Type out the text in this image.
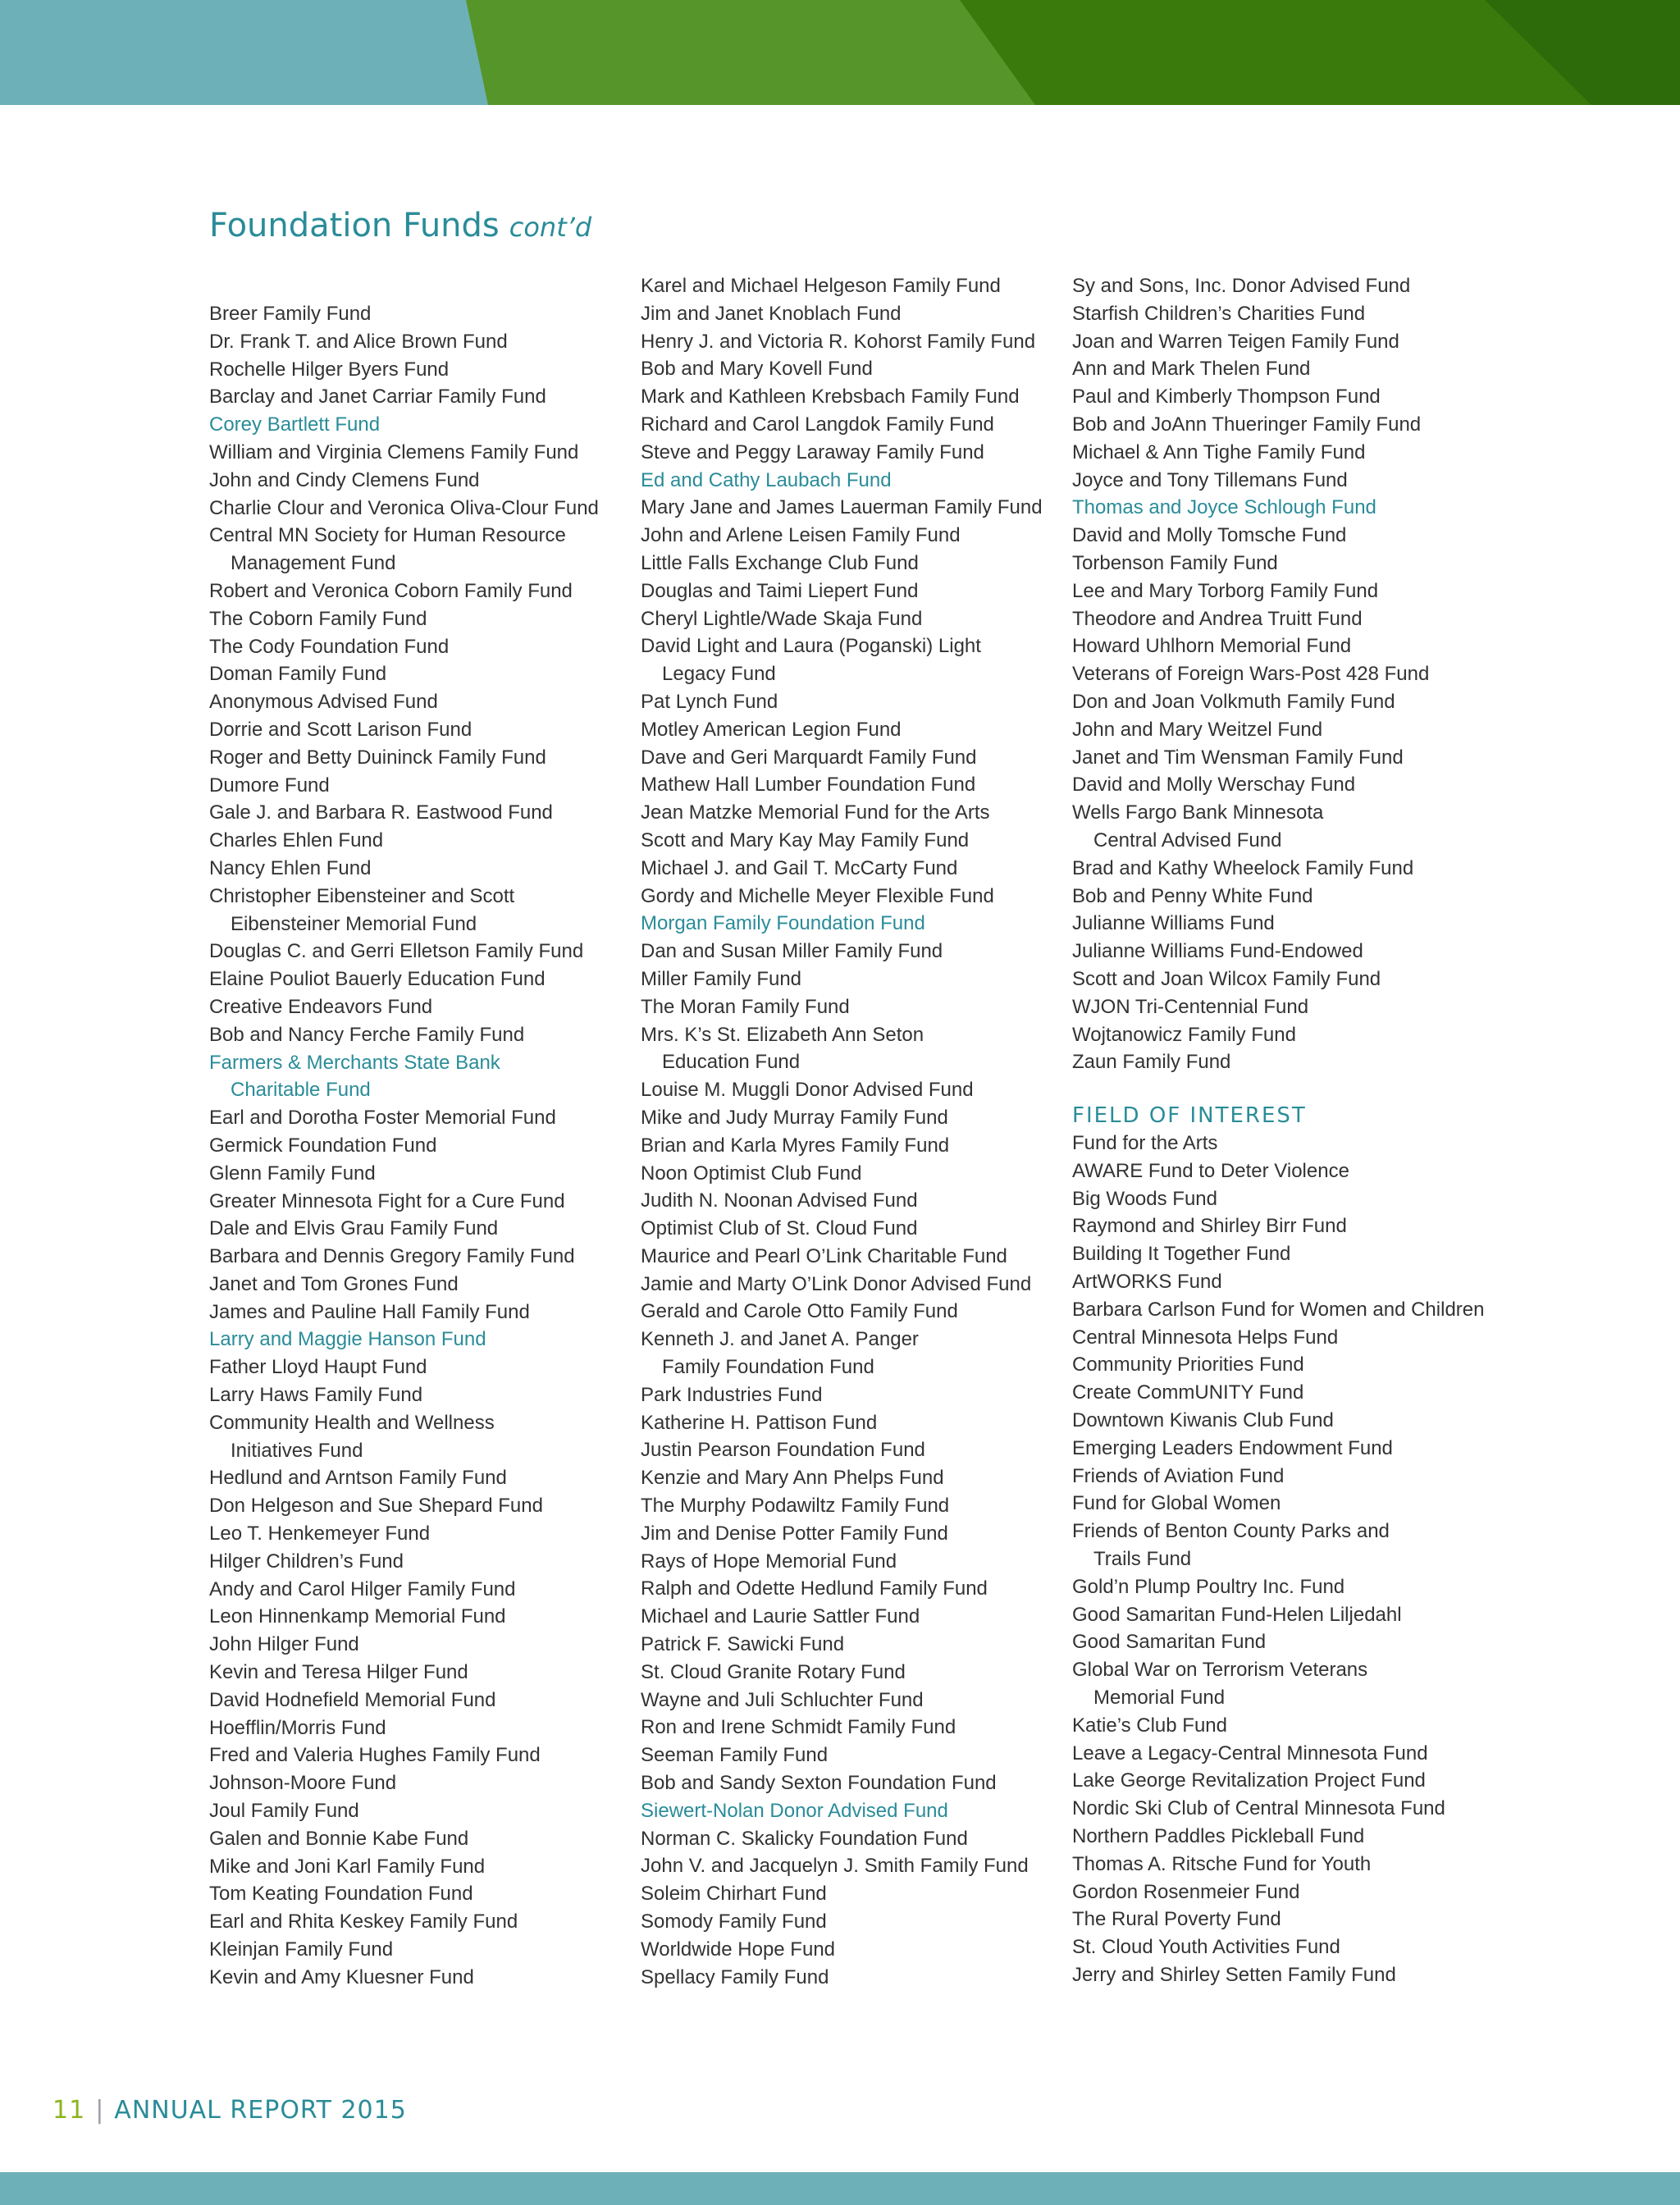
Foundation Funds cont’d
Breer Family Fund
Dr. Frank T. and Alice Brown Fund
Rochelle Hilger Byers Fund
Barclay and Janet Carriar Family Fund
Corey Bartlett Fund
William and Virginia Clemens Family Fund
John and Cindy Clemens Fund
Charlie Clour and Veronica Oliva-Clour Fund
Central MN Society for Human Resource
Management Fund
Robert and Veronica Coborn Family Fund
The Coborn Family Fund
The Cody Foundation Fund
Doman Family Fund
Anonymous Advised Fund
Dorrie and Scott Larison Fund
Roger and Betty Duininck Family Fund
Dumore Fund
Gale J. and Barbara R. Eastwood Fund
Charles Ehlen Fund
Nancy Ehlen Fund
Christopher Eibensteiner and Scott
Eibensteiner Memorial Fund
Douglas C. and Gerri Elletson Family Fund
Elaine Pouliot Bauerly Education Fund
Creative Endeavors Fund
Bob and Nancy Ferche Family Fund
Farmers & Merchants State Bank
Charitable Fund
Earl and Dorotha Foster Memorial Fund
Germick Foundation Fund
Glenn Family Fund
Greater Minnesota Fight for a Cure Fund
Dale and Elvis Grau Family Fund
Barbara and Dennis Gregory Family Fund
Janet and Tom Grones Fund
James and Pauline Hall Family Fund
Larry and Maggie Hanson Fund
Father Lloyd Haupt Fund
Larry Haws Family Fund
Community Health and Wellness
Initiatives Fund
Hedlund and Arntson Family Fund
Don Helgeson and Sue Shepard Fund
Leo T. Henkemeyer Fund
Hilger Children’s Fund
Andy and Carol Hilger Family Fund
Leon Hinnenkamp Memorial Fund
John Hilger Fund
Kevin and Teresa Hilger Fund
David Hodnefield Memorial Fund
Hoefflin/Morris Fund
Fred and Valeria Hughes Family Fund
Johnson-Moore Fund
Joul Family Fund
Galen and Bonnie Kabe Fund
Mike and Joni Karl Family Fund
Tom Keating Foundation Fund
Earl and Rhita Keskey Family Fund
Kleinjan Family Fund
Kevin and Amy Kluesner Fund
Karel and Michael Helgeson Family Fund
Jim and Janet Knoblach Fund
Henry J. and Victoria R. Kohorst Family Fund
Bob and Mary Kovell Fund
Mark and Kathleen Krebsbach Family Fund
Richard and Carol Langdok Family Fund
Steve and Peggy Laraway Family Fund
Ed and Cathy Laubach Fund
Mary Jane and James Lauerman Family Fund
John and Arlene Leisen Family Fund
Little Falls Exchange Club Fund
Douglas and Taimi Liepert Fund
Cheryl Lightle/Wade Skaja Fund
David Light and Laura (Poganski) Light
Legacy Fund
Pat Lynch Fund
Motley American Legion Fund
Dave and Geri Marquardt Family Fund
Mathew Hall Lumber Foundation Fund
Jean Matzke Memorial Fund for the Arts
Scott and Mary Kay May Family Fund
Michael J. and Gail T. McCarty Fund
Gordy and Michelle Meyer Flexible Fund
Morgan Family Foundation Fund
Dan and Susan Miller Family Fund
Miller Family Fund
The Moran Family Fund
Mrs. K’s St. Elizabeth Ann Seton
Education Fund
Louise M. Muggli Donor Advised Fund
Mike and Judy Murray Family Fund
Brian and Karla Myres Family Fund
Noon Optimist Club Fund
Judith N. Noonan Advised Fund
Optimist Club of St. Cloud Fund
Maurice and Pearl O’Link Charitable Fund
Jamie and Marty O’Link Donor Advised Fund
Gerald and Carole Otto Family Fund
Kenneth J. and Janet A. Panger
Family Foundation Fund
Park Industries Fund
Katherine H. Pattison Fund
Justin Pearson Foundation Fund
Kenzie and Mary Ann Phelps Fund
The Murphy Podawiltz Family Fund
Jim and Denise Potter Family Fund
Rays of Hope Memorial Fund
Ralph and Odette Hedlund Family Fund
Michael and Laurie Sattler Fund
Patrick F. Sawicki Fund
St. Cloud Granite Rotary Fund
Wayne and Juli Schluchter Fund
Ron and Irene Schmidt Family Fund
Seeman Family Fund
Bob and Sandy Sexton Foundation Fund
Siewert-Nolan Donor Advised Fund
Norman C. Skalicky Foundation Fund
John V. and Jacquelyn J. Smith Family Fund
Soleim Chirhart Fund
Somody Family Fund
Worldwide Hope Fund
Spellacy Family Fund
Sy and Sons, Inc. Donor Advised Fund
Starfish Children’s Charities Fund
Joan and Warren Teigen Family Fund
Ann and Mark Thelen Fund
Paul and Kimberly Thompson Fund
Bob and JoAnn Thueringer Family Fund
Michael & Ann Tighe Family Fund
Joyce and Tony Tillemans Fund
Thomas and Joyce Schlough Fund
David and Molly Tomsche Fund
Torbenson Family Fund
Lee and Mary Torborg Family Fund
Theodore and Andrea Truitt Fund
Howard Uhlhorn Memorial Fund
Veterans of Foreign Wars-Post 428 Fund
Don and Joan Volkmuth Family Fund
John and Mary Weitzel Fund
Janet and Tim Wensman Family Fund
David and Molly Werschay Fund
Wells Fargo Bank Minnesota
Central Advised Fund
Brad and Kathy Wheelock Family Fund
Bob and Penny White Fund
Julianne Williams Fund
Julianne Williams Fund-Endowed
Scott and Joan Wilcox Family Fund
WJON Tri-Centennial Fund
Wojtanowicz Family Fund
Zaun Family Fund
FIELD OF INTEREST
Fund for the Arts
AWARE Fund to Deter Violence
Big Woods Fund
Raymond and Shirley Birr Fund
Building It Together Fund
ArtWORKS Fund
Barbara Carlson Fund for Women and Children
Central Minnesota Helps Fund
Community Priorities Fund
Create CommUNITY Fund
Downtown Kiwanis Club Fund
Emerging Leaders Endowment Fund
Friends of Aviation Fund
Fund for Global Women
Friends of Benton County Parks and
Trails Fund
Gold’n Plump Poultry Inc. Fund
Good Samaritan Fund-Helen Liljedahl
Good Samaritan Fund
Global War on Terrorism Veterans
Memorial Fund
Katie’s Club Fund
Leave a Legacy-Central Minnesota Fund
Lake George Revitalization Project Fund
Nordic Ski Club of Central Minnesota Fund
Northern Paddles Pickleball Fund
Thomas A. Ritsche Fund for Youth
Gordon Rosenmeier Fund
The Rural Poverty Fund
St. Cloud Youth Activities Fund
Jerry and Shirley Setten Family Fund
11 | ANNUAL REPORT 2015
